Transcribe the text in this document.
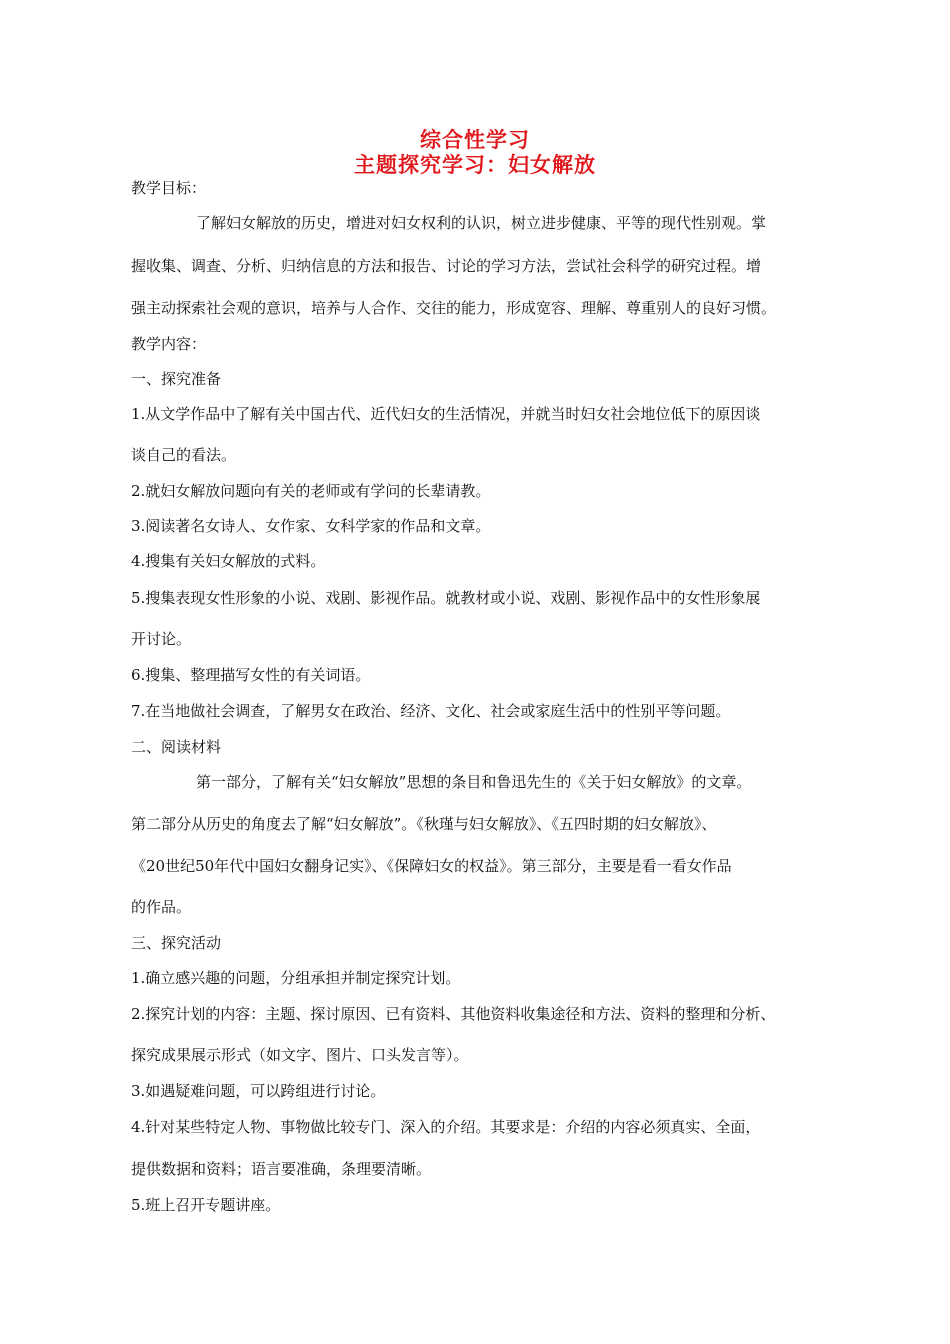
综合性学习
主题探究学习：妇女解放
教学目标：
了解妇女解放的历史，增进对妇女权利的认识，树立进步健康、平等的现代性别观。掌
握收集、调查、分析、归纳信息的方法和报告、讨论的学习方法，尝试社会科学的研究过程。增
强主动探索社会观的意识，培养与人合作、交往的能力，形成宽容、理解、尊重别人的良好习惯。
教学内容：
一、探究准备
1.从文学作品中了解有关中国古代、近代妇女的生活情况，并就当时妇女社会地位低下的原因谈
谈自己的看法。
2.就妇女解放问题向有关的老师或有学问的长辈请教。
3.阅读著名女诗人、女作家、女科学家的作品和文章。
4.搜集有关妇女解放的式料。
5.搜集表现女性形象的小说、戏剧、影视作品。就教材或小说、戏剧、影视作品中的女性形象展
开讨论。
6.搜集、整理描写女性的有关词语。
7.在当地做社会调查，了解男女在政治、经济、文化、社会或家庭生活中的性别平等问题。
二、阅读材料
第一部分，了解有关“妇女解放”思想的条目和鲁迅先生的《关于妇女解放》的文章。
第二部分从历史的角度去了解“妇女解放”。《秋瑾与妇女解放》、《五四时期的妇女解放》、
《20世纪50年代中国妇女翻身记实》、《保障妇女的权益》。第三部分，主要是看一看女作品
的作品。
三、探究活动
1.确立感兴趣的问题，分组承担并制定探究计划。
2.探究计划的内容：主题、探讨原因、已有资料、其他资料收集途径和方法、资料的整理和分析、
探究成果展示形式（如文字、图片、口头发言等）。
3.如遇疑难问题，可以跨组进行讨论。
4.针对某些特定人物、事物做比较专门、深入的介绍。其要求是：介绍的内容必须真实、全面，
提供数据和资料；语言要准确，条理要清晰。
5.班上召开专题讲座。
